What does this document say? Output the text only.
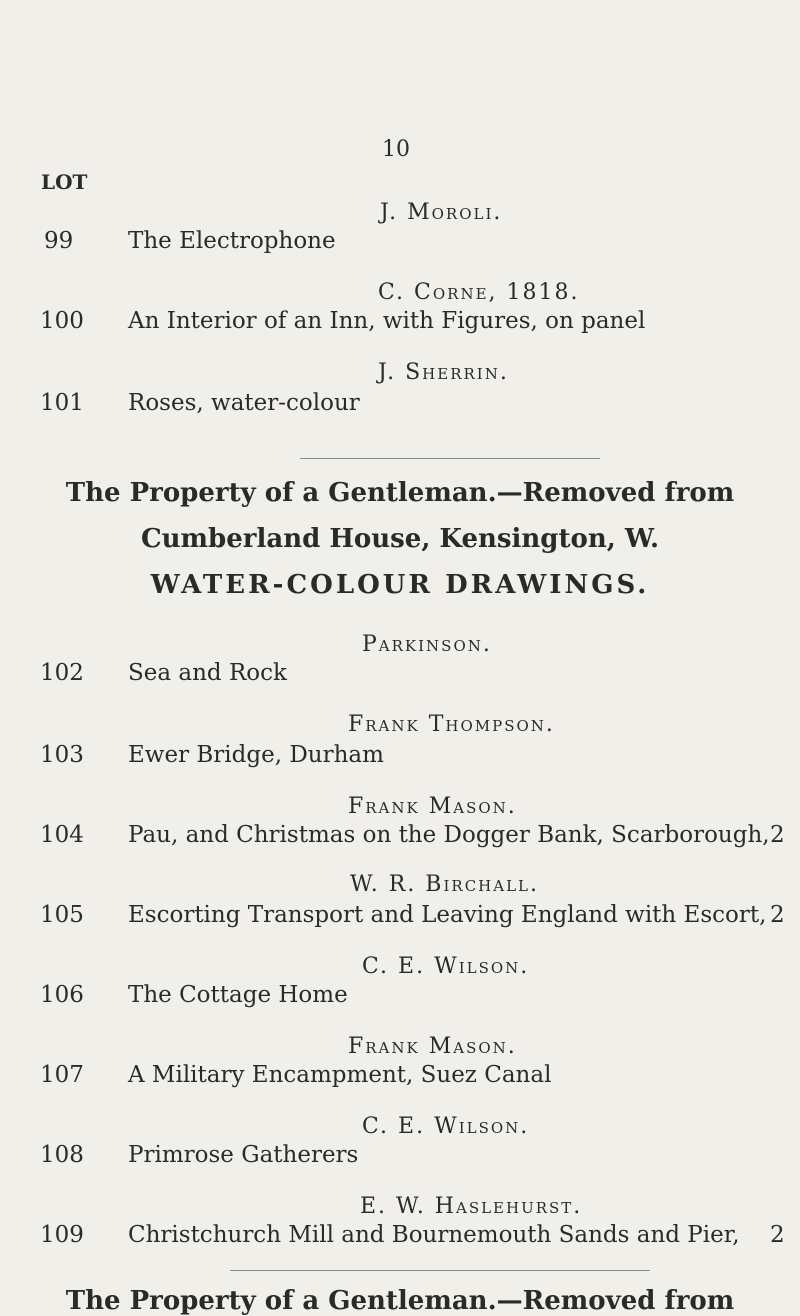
10
LOT
J. Moroli.
99 The Electrophone
C. Corne, 1818.
100 An Interior of an Inn, with Figures, on panel
J. Sherrin.
101 Roses, water-colour
The Property of a Gentleman.—Removed from
Cumberland House, Kensington, W.
WATER-COLOUR DRAWINGS.
Parkinson.
102 Sea and Rock
Frank Thompson.
103 Ewer Bridge, Durham
Frank Mason.
104 Pau, and Christmas on the Dogger Bank, Scarborough, 2
W. R. Birchall.
105 Escorting Transport and Leaving England with Escort, 2
C. E. Wilson.
106 The Cottage Home
Frank Mason.
107 A Military Encampment, Suez Canal
C. E. Wilson.
108 Primrose Gatherers
E. W. Haslehurst.
109 Christchurch Mill and Bournemouth Sands and Pier, 2
The Property of a Gentleman.—Removed from
